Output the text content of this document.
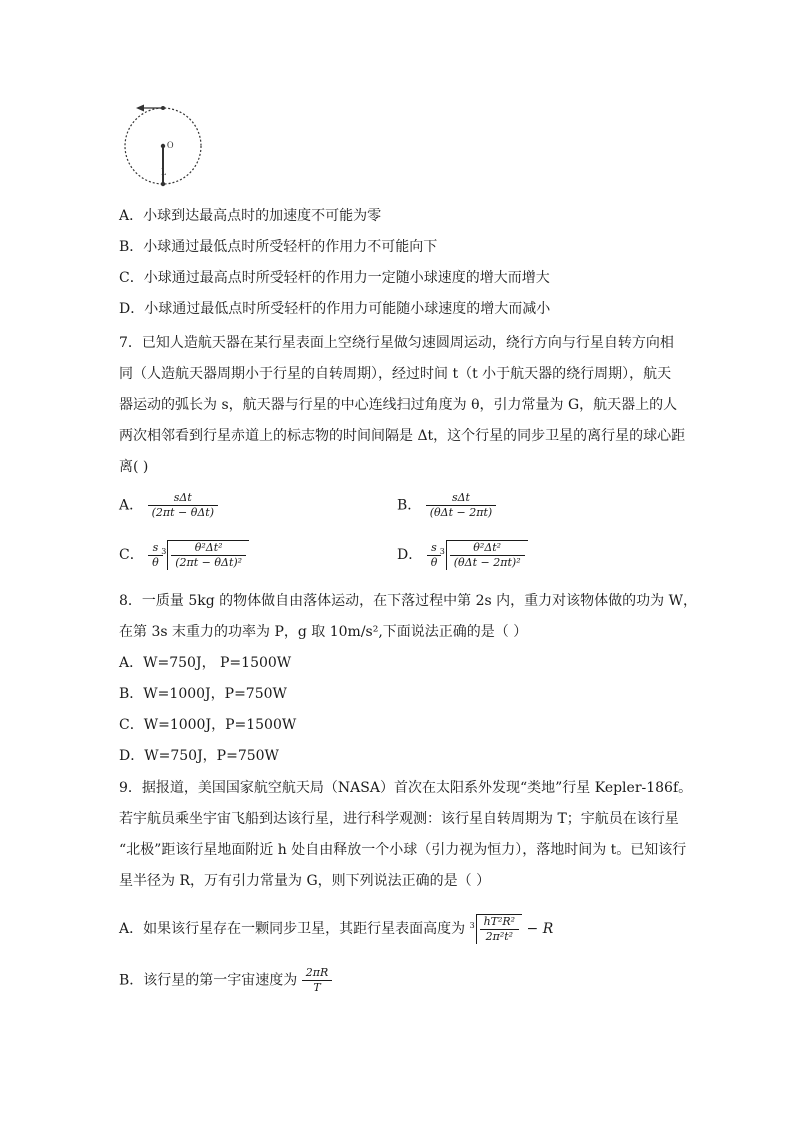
O
L
A．小球到达最高点时的加速度不可能为零
B．小球通过最低点时所受轻杆的作用力不可能向下
C．小球通过最高点时所受轻杆的作用力一定随小球速度的增大而增大
D．小球通过最低点时所受轻杆的作用力可能随小球速度的增大而减小
7．已知人造航天器在某行星表面上空绕行星做匀速圆周运动，绕行方向与行星自转方向相
同（人造航天器周期小于行星的自转周期），经过时间 t（t 小于航天器的绕行周期），航天
器运动的弧长为 s，航天器与行星的中心连线扫过角度为 θ，引力常量为 G，航天器上的人
两次相邻看到行星赤道上的标志物的时间间隔是 Δt，这个行星的同步卫星的离行星的球心距
离( )
A． $\frac{\text{sΔt}}{\text{(2πt − θΔt)}}$	B． $\frac{\text{sΔt}}{\text{(θΔt − 2πt)}}$
C． $\frac{s}{\theta}$

$3 \frac{\text{θ²Δt²}}{\text{(2πt − θΔt)²}}$	D． $\frac{s}{\theta}$

$3 \frac{\text{θ²Δt²}}{\text{(θΔt − 2πt)²}}$
8．一质量 5kg 的物体做自由落体运动，在下落过程中第 2s 内，重力对该物体做的功为 W，
在第 3s 末重力的功率为 P，g 取 10m/s²,下面说法正确的是（ ）
A．W=750J， P=1500W
B．W=1000J，P=750W
C．W=1000J，P=1500W
D．W=750J，P=750W
9．据报道，美国国家航空航天局（NASA）首次在太阳系外发现“类地”行星 Kepler-186f。
若宇航员乘坐宇宙飞船到达该行星，进行科学观测：该行星自转周期为 T；宇航员在该行星
“北极”距该行星地面附近 h 处自由释放一个小球（引力视为恒力），落地时间为 t。已知该行
星半径为 R，万有引力常量为 G，则下列说法正确的是（ ）
A．如果该行星存在一颗同步卫星，其距行星表面高度为 $3 \frac{\text{hT²R²}}{\text{2π²t²}} - R$
B．该行星的第一宇宙速度为 $\frac{2\pi R}{T}$
